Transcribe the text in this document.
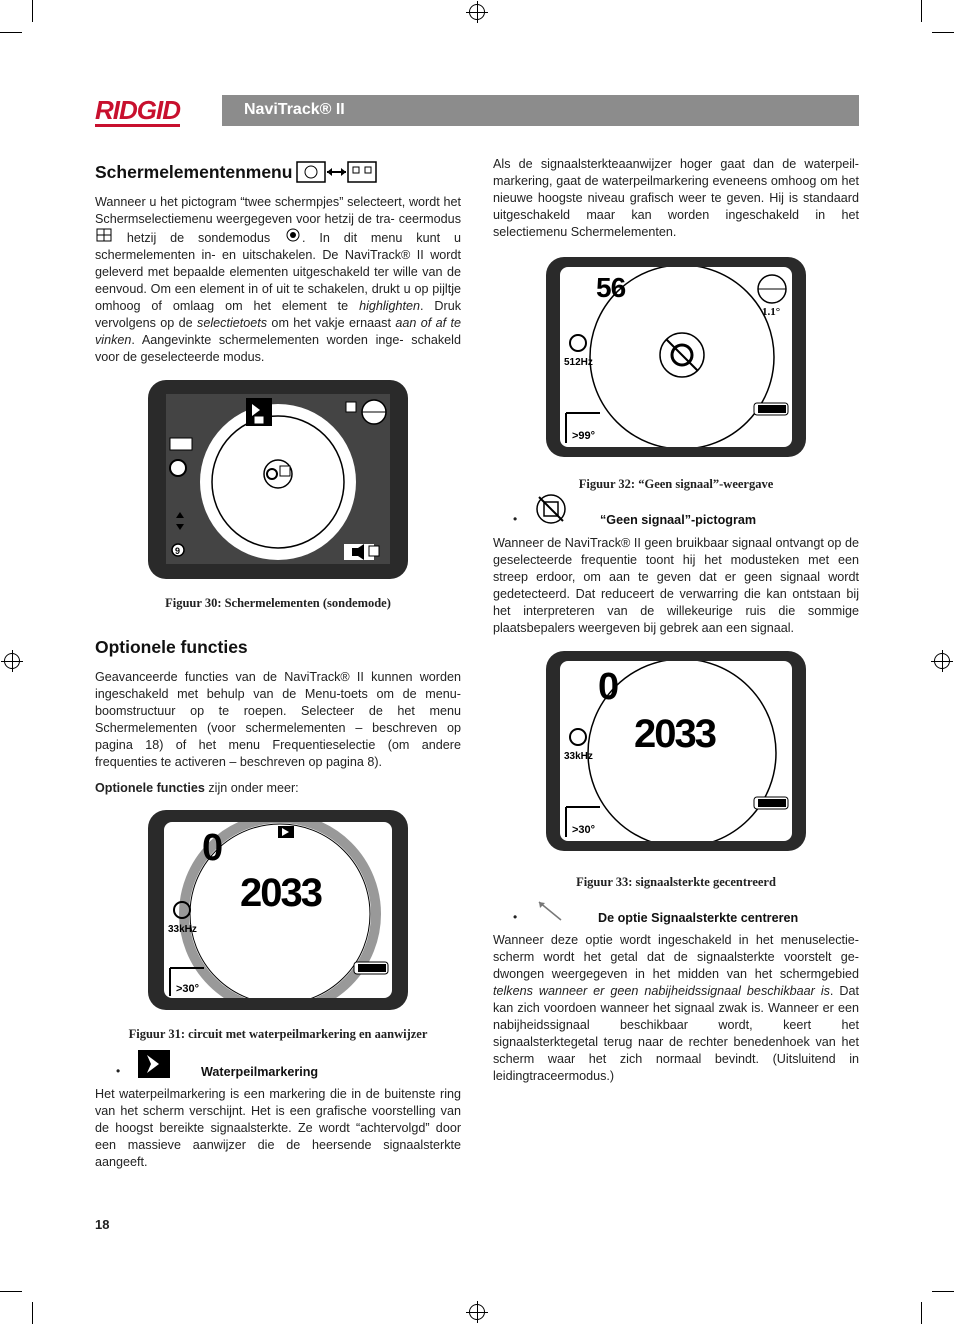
RIDGID	NaviTrack® II
Schermelementenmenu
Wanneer u het pictogram “twee schermpjes” selecteert, wordt het Schermselectiemenu weergegeven voor hetzij de tra- ceermodus  hetzij de sondemodus	. In dit menu kunt u schermelementen in- en uitschakelen. De NaviTrack® II wordt geleverd met bepaalde elementen uitgeschakeld ter wille van de eenvoud. Om een element in of uit te schakelen, drukt u op pijltje omhoog of omlaag om het element te highlighten. Druk vervolgens op de selectietoets om het vakje ernaast aan of af te vinken. Aangevinkte schermelementen worden inge- schakeld voor de geselecteerde modus.
9
Figuur 30: Schermelementen (sondemode)
Optionele functies
Geavanceerde functies van de NaviTrack® II kunnen worden ingeschakeld met behulp van de Menu-toets om de menu- boomstructuur op te roepen. Selecteer de het menu Schermelementen (voor schermelementen – beschreven op pagina 18) of het menu Frequentieselectie (om andere frequenties te activeren – beschreven op pagina 8).
Optionele functies zijn onder meer:
0
2033
33kHz
>30°
Figuur 31: circuit met waterpeilmarkering en aanwijzer
•	Waterpeilmarkering
Het waterpeilmarkering is een markering die in de buitenste ring van het scherm verschijnt. Het is een grafische voorstelling van de hoogst bereikte signaalsterkte. Ze wordt “achtervolgd” door een massieve aanwijzer die de heersende signaalsterkte aangeeft.
18
Als de signaalsterkteaanwijzer hoger gaat dan de waterpeil- markering, gaat de waterpeilmarkering eveneens omhoog om het nieuwe hoogste niveau grafisch weer te geven. Hij is standaard uitgeschakeld maar kan worden ingeschakeld in het selectiemenu Schermelementen.
56
1.1°
512Hz
>99°
Figuur 32: “Geen signaal”-weergave
•	“Geen signaal”-pictogram
Wanneer de NaviTrack® II geen bruikbaar signaal ontvangt op de geselecteerde frequentie toont hij het modusteken met een streep erdoor, om aan te geven dat er geen signaal wordt gedetecteerd. Dat reduceert de verwarring die kan ontstaan bij het interpreteren van de willekeurige ruis die sommige plaatsbepalers weergeven bij gebrek aan een signaal.
0
2033
33kHz
>30°
Figuur 33: signaalsterkte gecentreerd
•	De optie Signaalsterkte centreren
Wanneer deze optie wordt ingeschakeld in het menuselectie- scherm wordt het getal dat de signaalsterkte voorstelt ge- dwongen weergegeven in het midden van het schermgebied telkens wanneer er geen nabijheidssignaal beschikbaar is. Dat kan zich voordoen wanneer het signaal zwak is. Wanneer er een nabijheidssignaal beschikbaar wordt, keert het signaalsterktegetal terug naar de rechter benedenhoek van het scherm waar het zich normaal bevindt. (Uitsluitend in leidingtraceermodus.)
